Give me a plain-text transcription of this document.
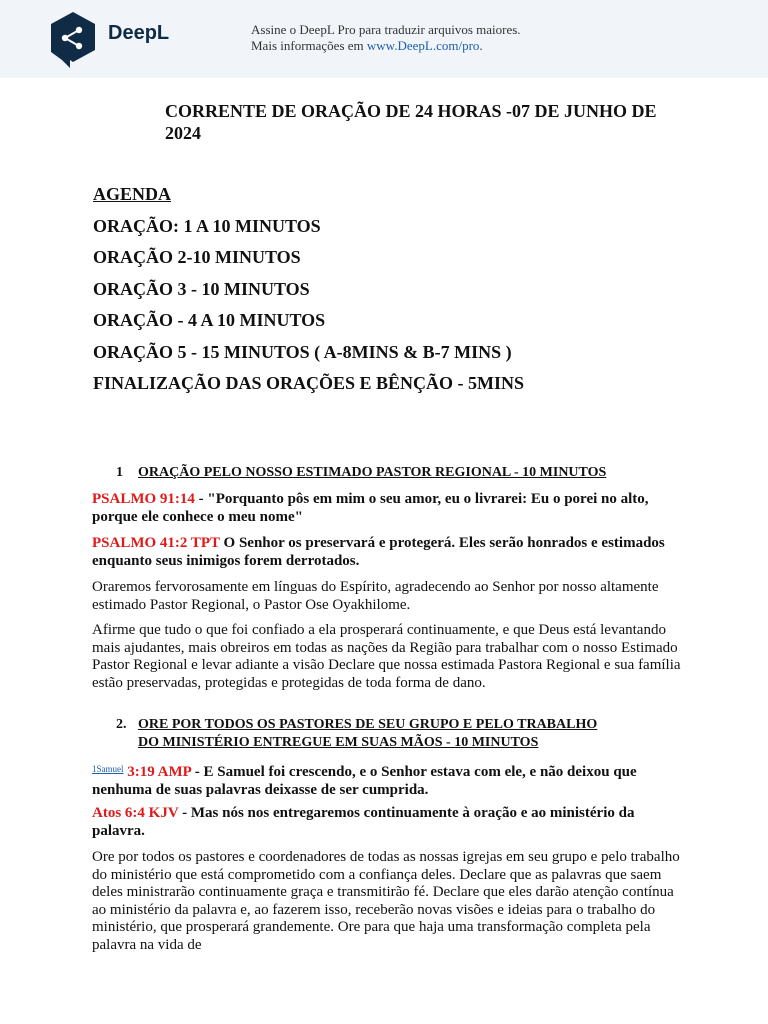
DeepL	Assine o DeepL Pro para traduzir arquivos maiores.
Mais informações em www.DeepL.com/pro.
CORRENTE DE ORAÇÃO DE 24 HORAS -07 DE JUNHO DE 2024

AGENDA

ORAÇÃO: 1 A 10 MINUTOS

ORAÇÃO 2-10 MINUTOS

ORAÇÃO 3 - 10 MINUTOS

ORAÇÃO - 4 A 10 MINUTOS

ORAÇÃO 5 - 15 MINUTOS ( A-8MINS & B-7 MINS )

FINALIZAÇÃO DAS ORAÇÕES E BÊNÇÃO - 5MINS

1 ORAÇÃO PELO NOSSO ESTIMADO PASTOR REGIONAL - 10 MINUTOS

PSALMO 91:14 - "Porquanto pôs em mim o seu amor, eu o livrarei: Eu o porei no alto, porque ele conhece o meu nome"

PSALMO 41:2 TPT O Senhor os preservará e protegerá. Eles serão honrados e estimados enquanto seus inimigos forem derrotados.

Oraremos fervorosamente em línguas do Espírito, agradecendo ao Senhor por nosso altamente estimado Pastor Regional, o Pastor Ose Oyakhilome.

Afirme que tudo o que foi confiado a ela prosperará continuamente, e que Deus está levantando mais ajudantes, mais obreiros em todas as nações da Região para trabalhar com o nosso Estimado Pastor Regional e levar adiante a visão Declare que nossa estimada Pastora Regional e sua família estão preservadas, protegidas e protegidas de toda forma de dano.

2. ORE POR TODOS OS PASTORES DE SEU GRUPO E PELO TRABALHO
DO MINISTÉRIO ENTREGUE EM SUAS MÃOS - 10 MINUTOS

$^{1Samuel}$ 3:19 AMP - E Samuel foi crescendo, e o Senhor estava com ele, e não deixou que nenhuma de suas palavras deixasse de ser cumprida.

Atos 6:4 KJV - Mas nós nos entregaremos continuamente à oração e ao ministério da palavra.

Ore por todos os pastores e coordenadores de todas as nossas igrejas em seu grupo e pelo trabalho do ministério que está comprometido com a confiança deles. Declare que as palavras que saem deles ministrarão continuamente graça e transmitirão fé. Declare que eles darão atenção contínua ao ministério da palavra e, ao fazerem isso, receberão novas visões e ideias para o trabalho do ministério, que prosperará grandemente. Ore para que haja uma transformação completa pela palavra na vida de
